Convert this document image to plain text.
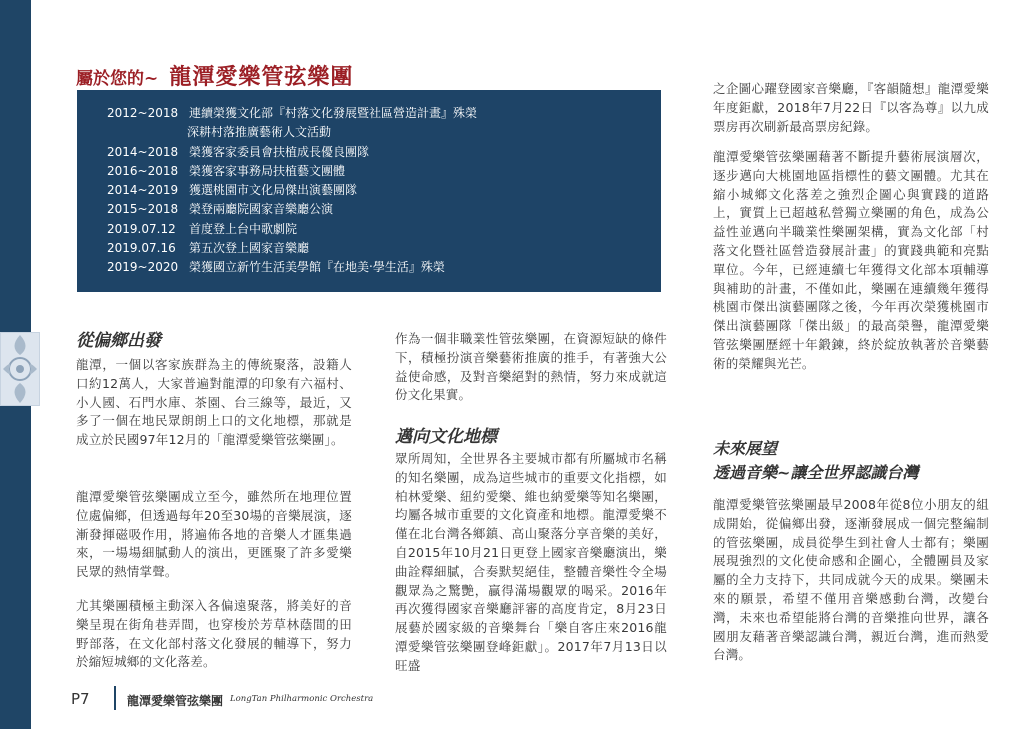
屬於您的~ 龍潭愛樂管弦樂團
2012~2018 連續榮獲文化部『村落文化發展暨社區營造計畫』殊榮
深耕村落推廣藝術人文活動
2014~2018 榮獲客家委員會扶植成長優良團隊
2016~2018 榮獲客家事務局扶植藝文團體
2014~2019 獲選桃園市文化局傑出演藝團隊
2015~2018 榮登兩廳院國家音樂廳公演
2019.07.12	首度登上台中歌劇院
2019.07.16	第五次登上國家音樂廳
2019~2020 榮獲國立新竹生活美學館『在地美‧學生活』殊榮
從偏鄉出發

龍潭，一個以客家族群為主的傳統聚落，設籍人口約12萬人，大家普遍對龍潭的印象有六福村、小人國、石門水庫、茶園、台三線等，最近，又多了一個在地民眾朗朗上口的文化地標，那就是成立於民國97年12月的「龍潭愛樂管弦樂團」。

龍潭愛樂管弦樂團成立至今，雖然所在地理位置位處偏鄉，但透過每年20至30場的音樂展演，逐漸發揮磁吸作用，將遍佈各地的音樂人才匯集過來，一場場細膩動人的演出，更匯聚了許多愛樂民眾的熱情掌聲。

尤其樂團積極主動深入各偏遠聚落，將美好的音樂呈現在街角巷弄間，也穿梭於芳草林蔭間的田野部落，在文化部村落文化發展的輔導下，努力於縮短城鄉的文化落差。

作為一個非職業性管弦樂團，在資源短缺的條件下，積極扮演音樂藝術推廣的推手，有著強大公益使命感，及對音樂絕對的熱情，努力來成就這份文化果實。

邁向文化地標

眾所周知，全世界各主要城市都有所屬城市名稱的知名樂團，成為這些城市的重要文化指標，如柏林愛樂、紐約愛樂、維也納愛樂等知名樂團，均屬各城市重要的文化資產和地標。龍潭愛樂不僅在北台灣各鄉鎮、高山聚落分享音樂的美好，自2015年10月21日更登上國家音樂廳演出，樂曲詮釋細膩，合奏默契絕佳，整體音樂性令全場觀眾為之驚艷，贏得滿場觀眾的喝采。2016年再次獲得國家音樂廳評審的高度肯定，8月23日展藝於國家級的音樂舞台「樂自客庄來2016龍潭愛樂管弦樂團登峰鉅獻」。2017年7月13日以旺盛

之企圖心躍登國家音樂廳，『客韻隨想』龍潭愛樂年度鉅獻，2018年7月22日『以客為尊』以九成票房再次刷新最高票房紀錄。

龍潭愛樂管弦樂團藉著不斷提升藝術展演層次，逐步邁向大桃園地區指標性的藝文團體。尤其在縮小城鄉文化落差之強烈企圖心與實踐的道路上，實質上已超越私營獨立樂團的角色，成為公益性並邁向半職業性樂團架構，實為文化部「村落文化暨社區營造發展計畫」的實踐典範和亮點單位。今年，已經連續七年獲得文化部本項輔導與補助的計畫，不僅如此，樂團在連續幾年獲得桃園市傑出演藝團隊之後，今年再次榮獲桃園市傑出演藝團隊「傑出級」的最高榮譽，龍潭愛樂管弦樂團歷經十年鍛鍊，終於綻放執著於音樂藝術的榮耀與光芒。

未來展望
透過音樂~讓全世界認識台灣

龍潭愛樂管弦樂團最早2008年從8位小朋友的組成開始，從偏鄉出發，逐漸發展成一個完整編制的管弦樂團，成員從學生到社會人士都有；樂團展現強烈的文化使命感和企圖心，全體團員及家屬的全力支持下，共同成就今天的成果。樂團未來的願景，希望不僅用音樂感動台灣，改變台灣，未來也希望能將台灣的音樂推向世界，讓各國朋友藉著音樂認識台灣，親近台灣，進而熱愛台灣。

P7	龍潭愛樂管弦樂團 LongTan Philharmonic Orchestra
